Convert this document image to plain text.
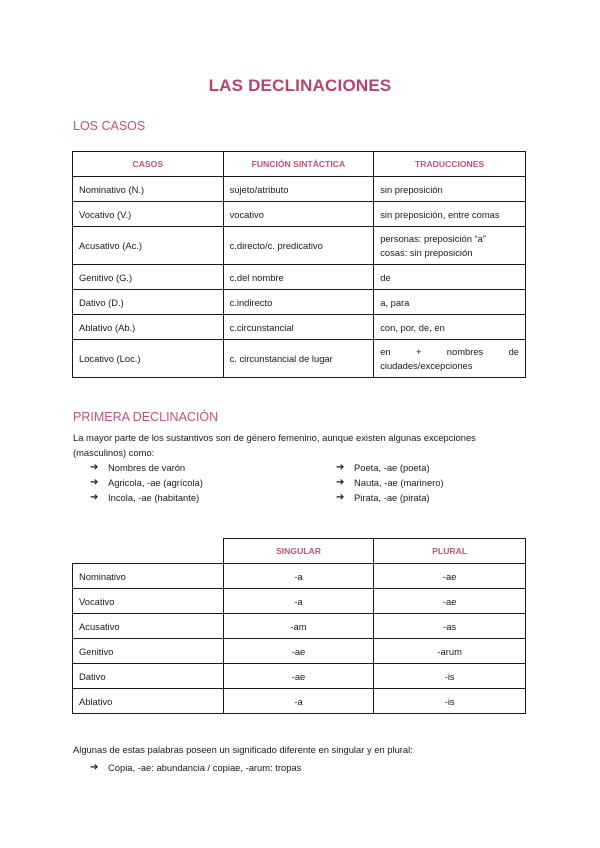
LAS DECLINACIONES
LOS CASOS
CASOS	FUNCIÓN SINTÁCTICA	TRADUCCIONES
Nominativo (N.)	sujeto/atributo	sin preposición
Vocativo (V.)	vocativo	sin preposición, entre comas
Acusativo (Ac.)	c.directo/c. predicativo	personas: preposición “a”
cosas: sin preposición

Genitivo (G.)	c.del nombre	de
Dativo (D.)	c.indirecto	a, para
Ablativo (Ab.)	c.circunstancial	con, por, de, en
Locativo (Loc.)	c. circunstancial de lugar	en + nombres de
ciudades/excepciones
PRIMERA DECLINACIÓN
La mayor parte de los sustantivos son de género femenino, aunque existen algunas excepciones (masculinos) como:
➔	Nombres de varón
➔	Agricola, -ae (agrícola)
➔	Incola, -ae (habitante)
➔	Poeta, -ae (poeta)
➔	Nauta, -ae (marinero)
➔	Pirata, -ae (pirata)
	SINGULAR	PLURAL
Nominativo	-a	-ae
Vocativo	-a	-ae
Acusativo	-am	-as
Genitivo	-ae	-arum
Dativo	-ae	-is
Ablativo	-a	-is
Algunas de estas palabras poseen un significado diferente en singular y en plural:
➔	Copia, -ae: abundancia / copiae, -arum: tropas
